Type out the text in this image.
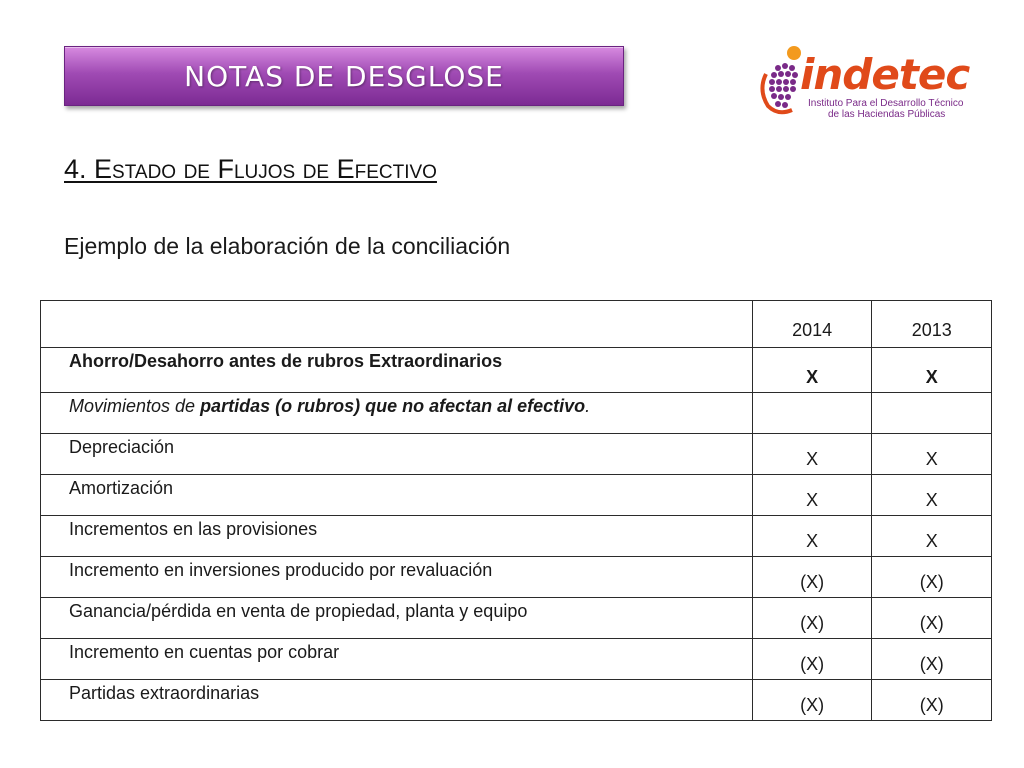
NOTAS DE DESGLOSE	indetec
Instituto Para el Desarrollo Técnico
de las Haciendas Públicas
4. Estado de Flujos de Efectivo
Ejemplo de la elaboración de la conciliación
	2014	2013
Ahorro/Desahorro antes de rubros Extraordinarios	X	X
Movimientos de partidas (o rubros) que no afectan al efectivo.		
Depreciación	X	X
Amortización	X	X
Incrementos en las provisiones	X	X
Incremento en inversiones producido por revaluación	(X)	(X)
Ganancia/pérdida en venta de propiedad, planta y equipo	(X)	(X)
Incremento en cuentas por cobrar	(X)	(X)
Partidas extraordinarias	(X)	(X)
